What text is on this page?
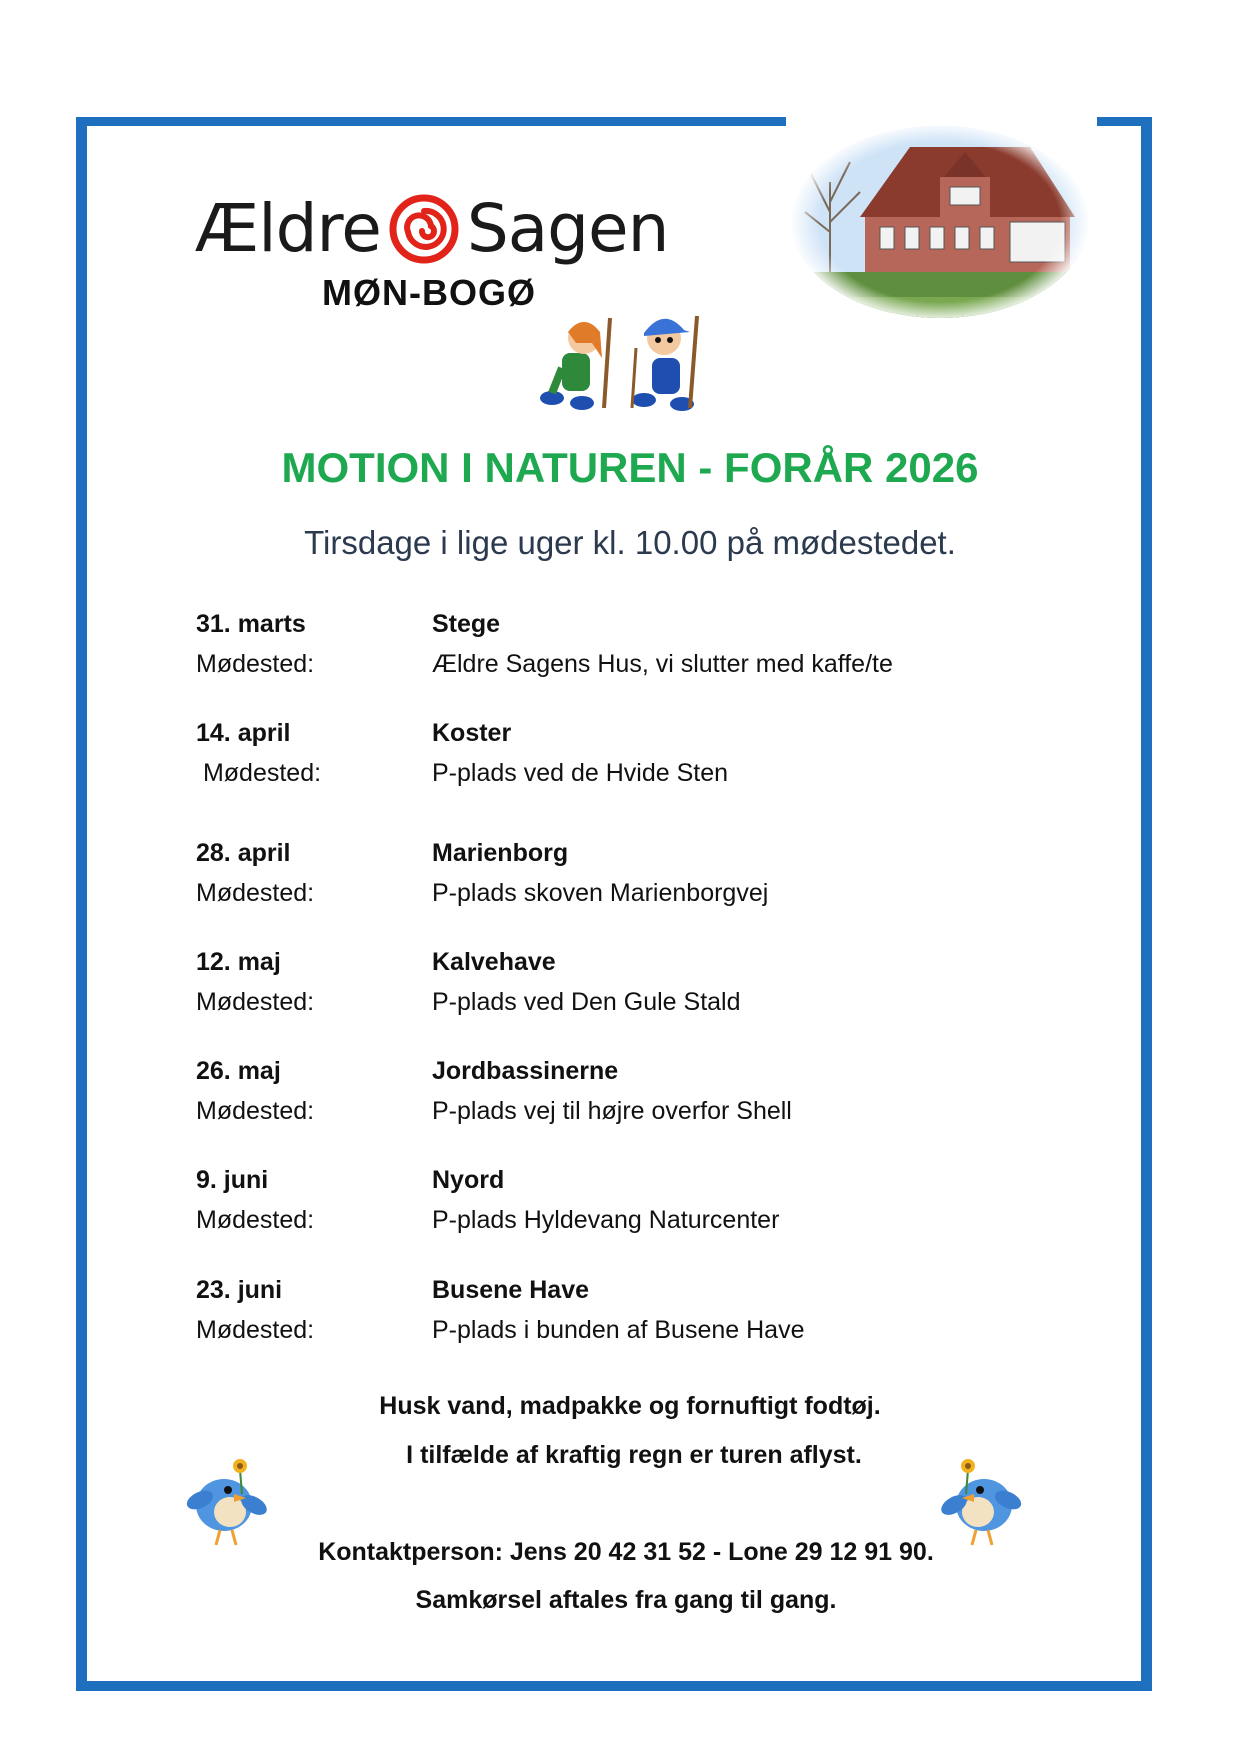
Ældre Sagen
MØN-BOGØ
MOTION I NATUREN - FORÅR 2026
Tirsdage i lige uger kl. 10.00 på mødestedet.
31. marts	Stege
Mødested:	Ældre Sagens Hus, vi slutter med kaffe/te
14. april	Koster
Mødested:	P-plads ved de Hvide Sten
28. april	Marienborg
Mødested:	P-plads skoven Marienborgvej
12. maj	Kalvehave
Mødested:	P-plads ved Den Gule Stald
26. maj	Jordbassinerne
Mødested:	P-plads vej til højre overfor Shell
9. juni	Nyord
Mødested:	P-plads Hyldevang Naturcenter
23. juni	Busene Have
Mødested:	P-plads i bunden af Busene Have
Husk vand, madpakke og fornuftigt fodtøj.
I tilfælde af kraftig regn er turen aflyst.
Kontaktperson: Jens 20 42 31 52 - Lone 29 12 91 90.
Samkørsel aftales fra gang til gang.
